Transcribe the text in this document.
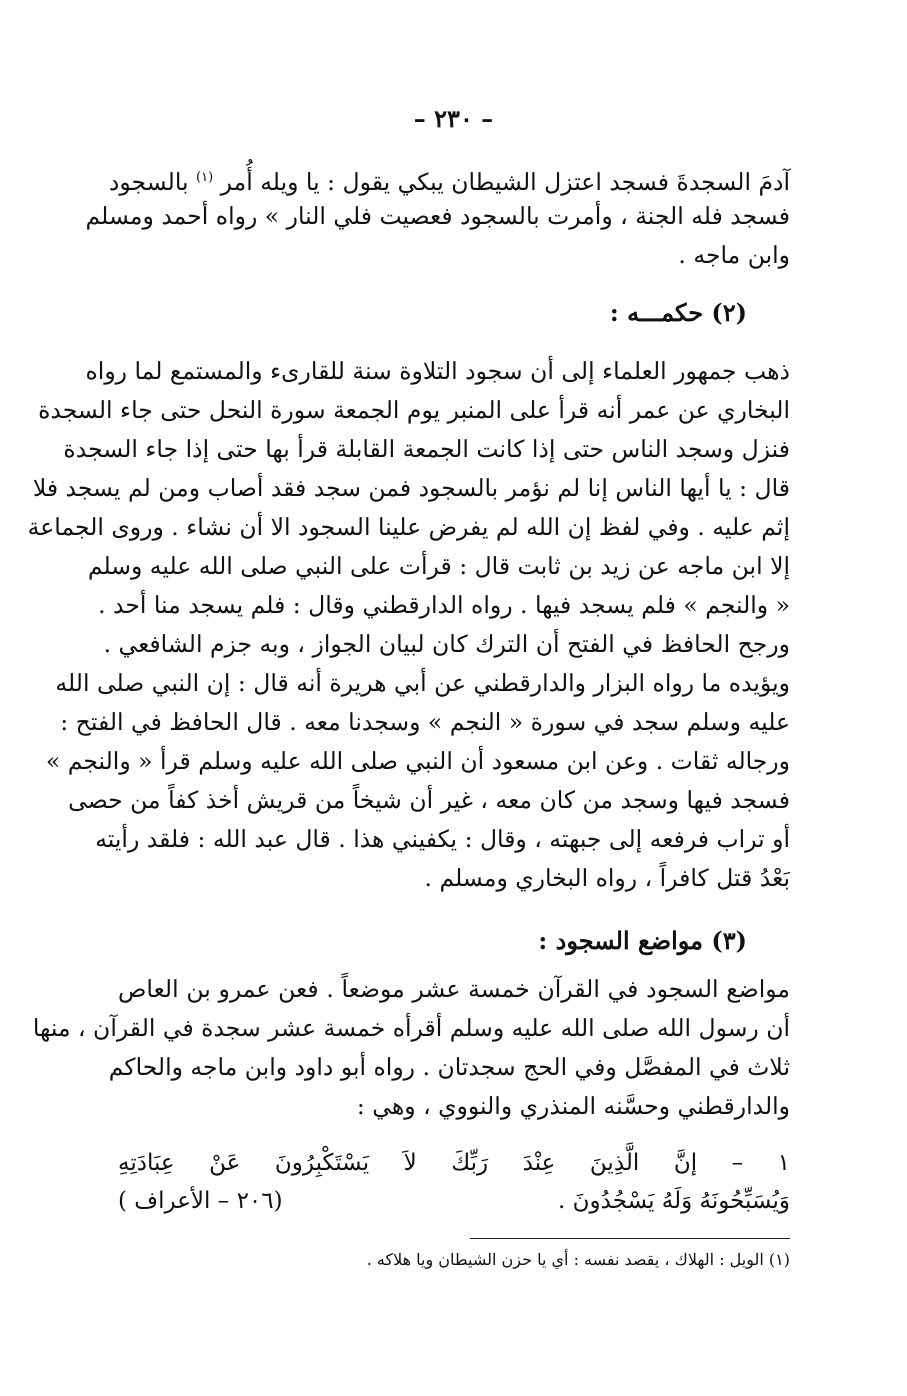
– ٢٣٠ –
آدمَ السجدةَ فسجد اعتزل الشيطان يبكي يقول : يا ويله أُمر $^{(١)}$ بالسجود
فسجد فله الجنة ، وأمرت بالسجود فعصيت فلي النار » رواه أحمد ومسلم
وابن ماجه .
(٢) حكمـــه :
ذهب جمهور العلماء إلى أن سجود التلاوة سنة للقارىء والمستمع لما رواه
البخاري عن عمر أنه قرأ على المنبر يوم الجمعة سورة النحل حتى جاء السجدة
فنزل وسجد الناس حتى إذا كانت الجمعة القابلة قرأ بها حتى إذا جاء السجدة
قال : يا أيها الناس إنا لم نؤمر بالسجود فمن سجد فقد أصاب ومن لم يسجد فلا
إثم عليه . وفي لفظ إن الله لم يفرض علينا السجود الا أن نشاء . وروى الجماعة
إلا ابن ماجه عن زيد بن ثابت قال : قرأت على النبي صلى الله عليه وسلم
« والنجم » فلم يسجد فيها . رواه الدارقطني وقال : فلم يسجد منا أحد .
ورجح الحافظ في الفتح أن الترك كان لبيان الجواز ، وبه جزم الشافعي .
ويؤيده ما رواه البزار والدارقطني عن أبي هريرة أنه قال : إن النبي صلى الله
عليه وسلم سجد في سورة « النجم » وسجدنا معه . قال الحافظ في الفتح :
ورجاله ثقات . وعن ابن مسعود أن النبي صلى الله عليه وسلم قرأ « والنجم »
فسجد فيها وسجد من كان معه ، غير أن شيخاً من قريش أخذ كفاً من حصى
أو تراب فرفعه إلى جبهته ، وقال : يكفيني هذا . قال عبد الله : فلقد رأيته
بَعْدُ قتل كافراً ، رواه البخاري ومسلم .
(٣) مواضع السجود :
مواضع السجود في القرآن خمسة عشر موضعاً . فعن عمرو بن العاص
أن رسول الله صلى الله عليه وسلم أقرأه خمسة عشر سجدة في القرآن ، منها
ثلاث في المفصَّل وفي الحج سجدتان . رواه أبو داود وابن ماجه والحاكم
والدارقطني وحسَّنه المنذري والنووي ، وهي :
١ – إنَّ الَّذِينَ عِنْدَ رَبِّكَ لاَ يَسْتَكْبِرُونَ عَنْ عِبَادَتِهِ
وَيُسَبِّحُونَهُ وَلَهُ يَسْجُدُونَ .
(٢٠٦ – الأعراف )
(١) الويل : الهلاك ، يقصد نفسه : أي يا حزن الشيطان ويا هلاكه .
